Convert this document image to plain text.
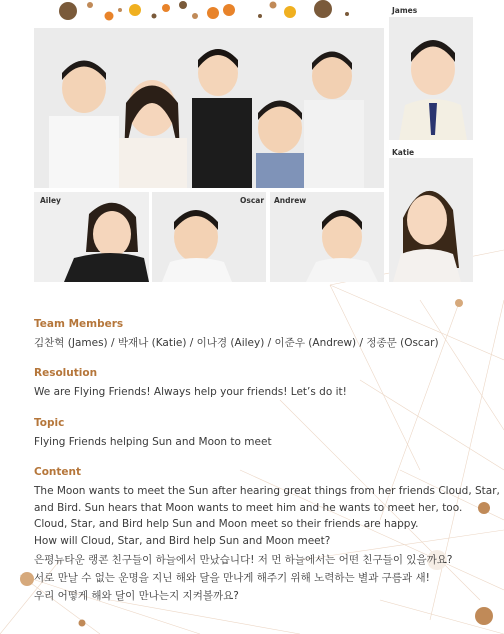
James
Katie
Ailey	Oscar Andrew
Team Members
김찬혁 (James) / 박재나 (Katie) / 이나경 (Ailey) / 이준우 (Andrew) / 정종문 (Oscar)
Resolution
We are Flying Friends! Always help your friends! Let’s do it!
Topic
Flying Friends helping Sun and Moon to meet
Content
The Moon wants to meet the Sun after hearing great things from her friends Cloud, Star,
and Bird. Sun hears that Moon wants to meet him and he wants to meet her, too.
Cloud, Star, and Bird help Sun and Moon meet so their friends are happy.
How will Cloud, Star, and Bird help Sun and Moon meet?
은평뉴타운 랭콘 친구들이 하늘에서 만났습니다! 저 먼 하늘에서는 어떤 친구들이 있을까요?
서로 만날 수 없는 운명을 지닌 해와 달을 만나게 해주기 위해 노력하는 별과 구름과 새!
우리 어떻게 해와 달이 만나는지 지켜볼까요?
